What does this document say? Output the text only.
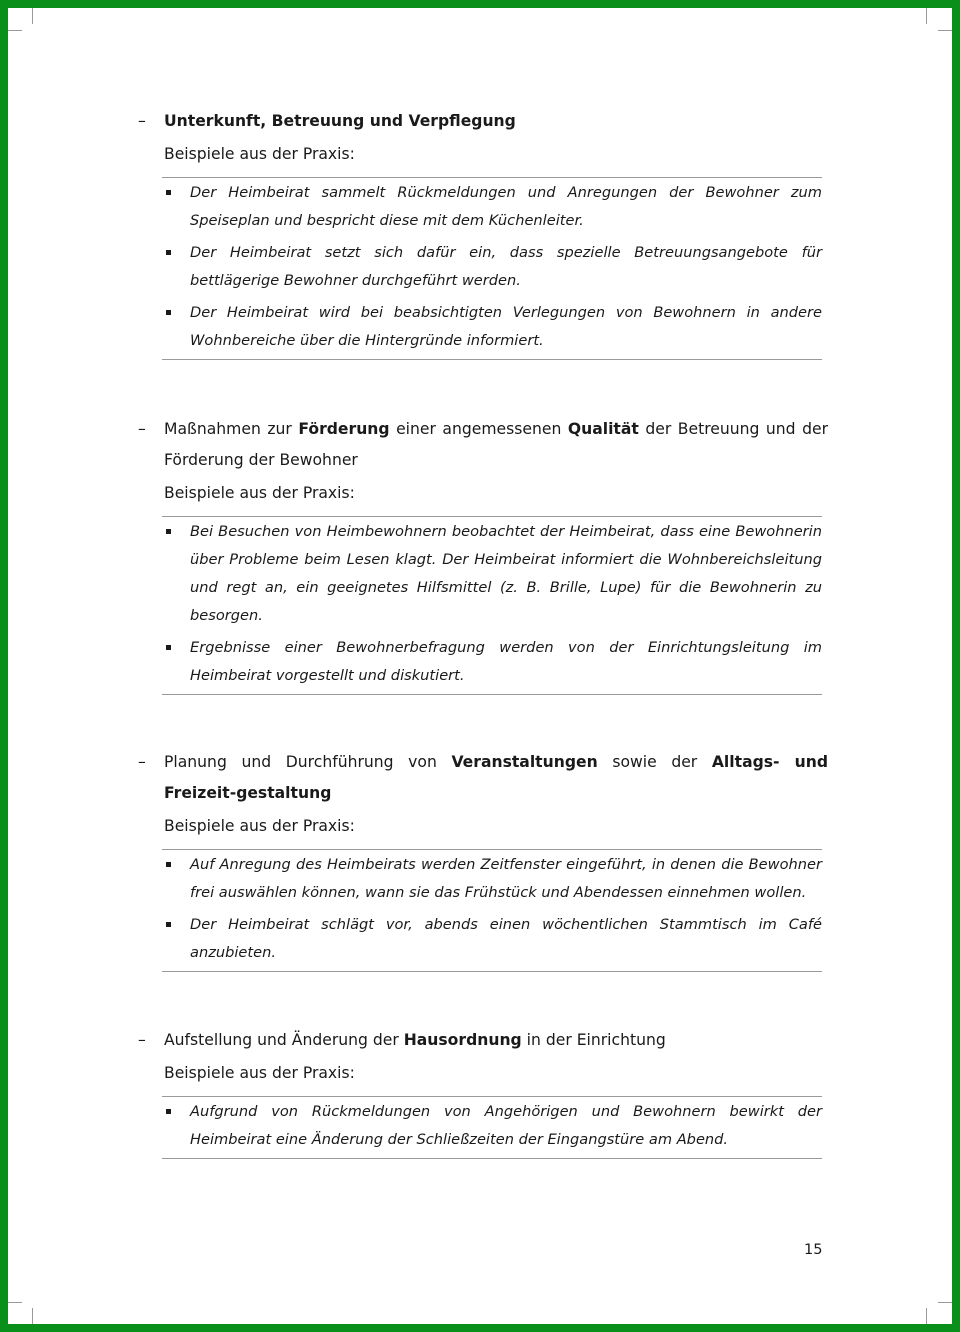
– Unterkunft, Betreuung und Verpflegung
Beispiele aus der Praxis:
Der Heimbeirat sammelt Rückmeldungen und Anregungen der Bewohner zum Speiseplan und bespricht diese mit dem Küchenleiter.
Der Heimbeirat setzt sich dafür ein, dass spezielle Betreuungsangebote für bettlägerige Bewohner durchgeführt werden.
Der Heimbeirat wird bei beabsichtigten Verlegungen von Bewohnern in andere Wohnbereiche über die Hintergründe informiert.
– Maßnahmen zur Förderung einer angemessenen Qualität der Betreuung und der Förderung der Bewohner
Beispiele aus der Praxis:
Bei Besuchen von Heimbewohnern beobachtet der Heimbeirat, dass eine Bewohnerin über Probleme beim Lesen klagt. Der Heimbeirat informiert die Wohnbereichsleitung und regt an, ein geeignetes Hilfsmittel (z. B. Brille, Lupe) für die Bewohnerin zu besorgen.
Ergebnisse einer Bewohnerbefragung werden von der Einrichtungsleitung im Heimbeirat vorgestellt und diskutiert.
– Planung und Durchführung von Veranstaltungen sowie der Alltags- und Freizeit-gestaltung
Beispiele aus der Praxis:
Auf Anregung des Heimbeirats werden Zeitfenster eingeführt, in denen die Bewohner frei auswählen können, wann sie das Frühstück und Abendessen einnehmen wollen.
Der Heimbeirat schlägt vor, abends einen wöchentlichen Stammtisch im Café anzubieten.
– Aufstellung und Änderung der Hausordnung in der Einrichtung
Beispiele aus der Praxis:
Aufgrund von Rückmeldungen von Angehörigen und Bewohnern bewirkt der Heimbeirat eine Änderung der Schließzeiten der Eingangstüre am Abend.
15
